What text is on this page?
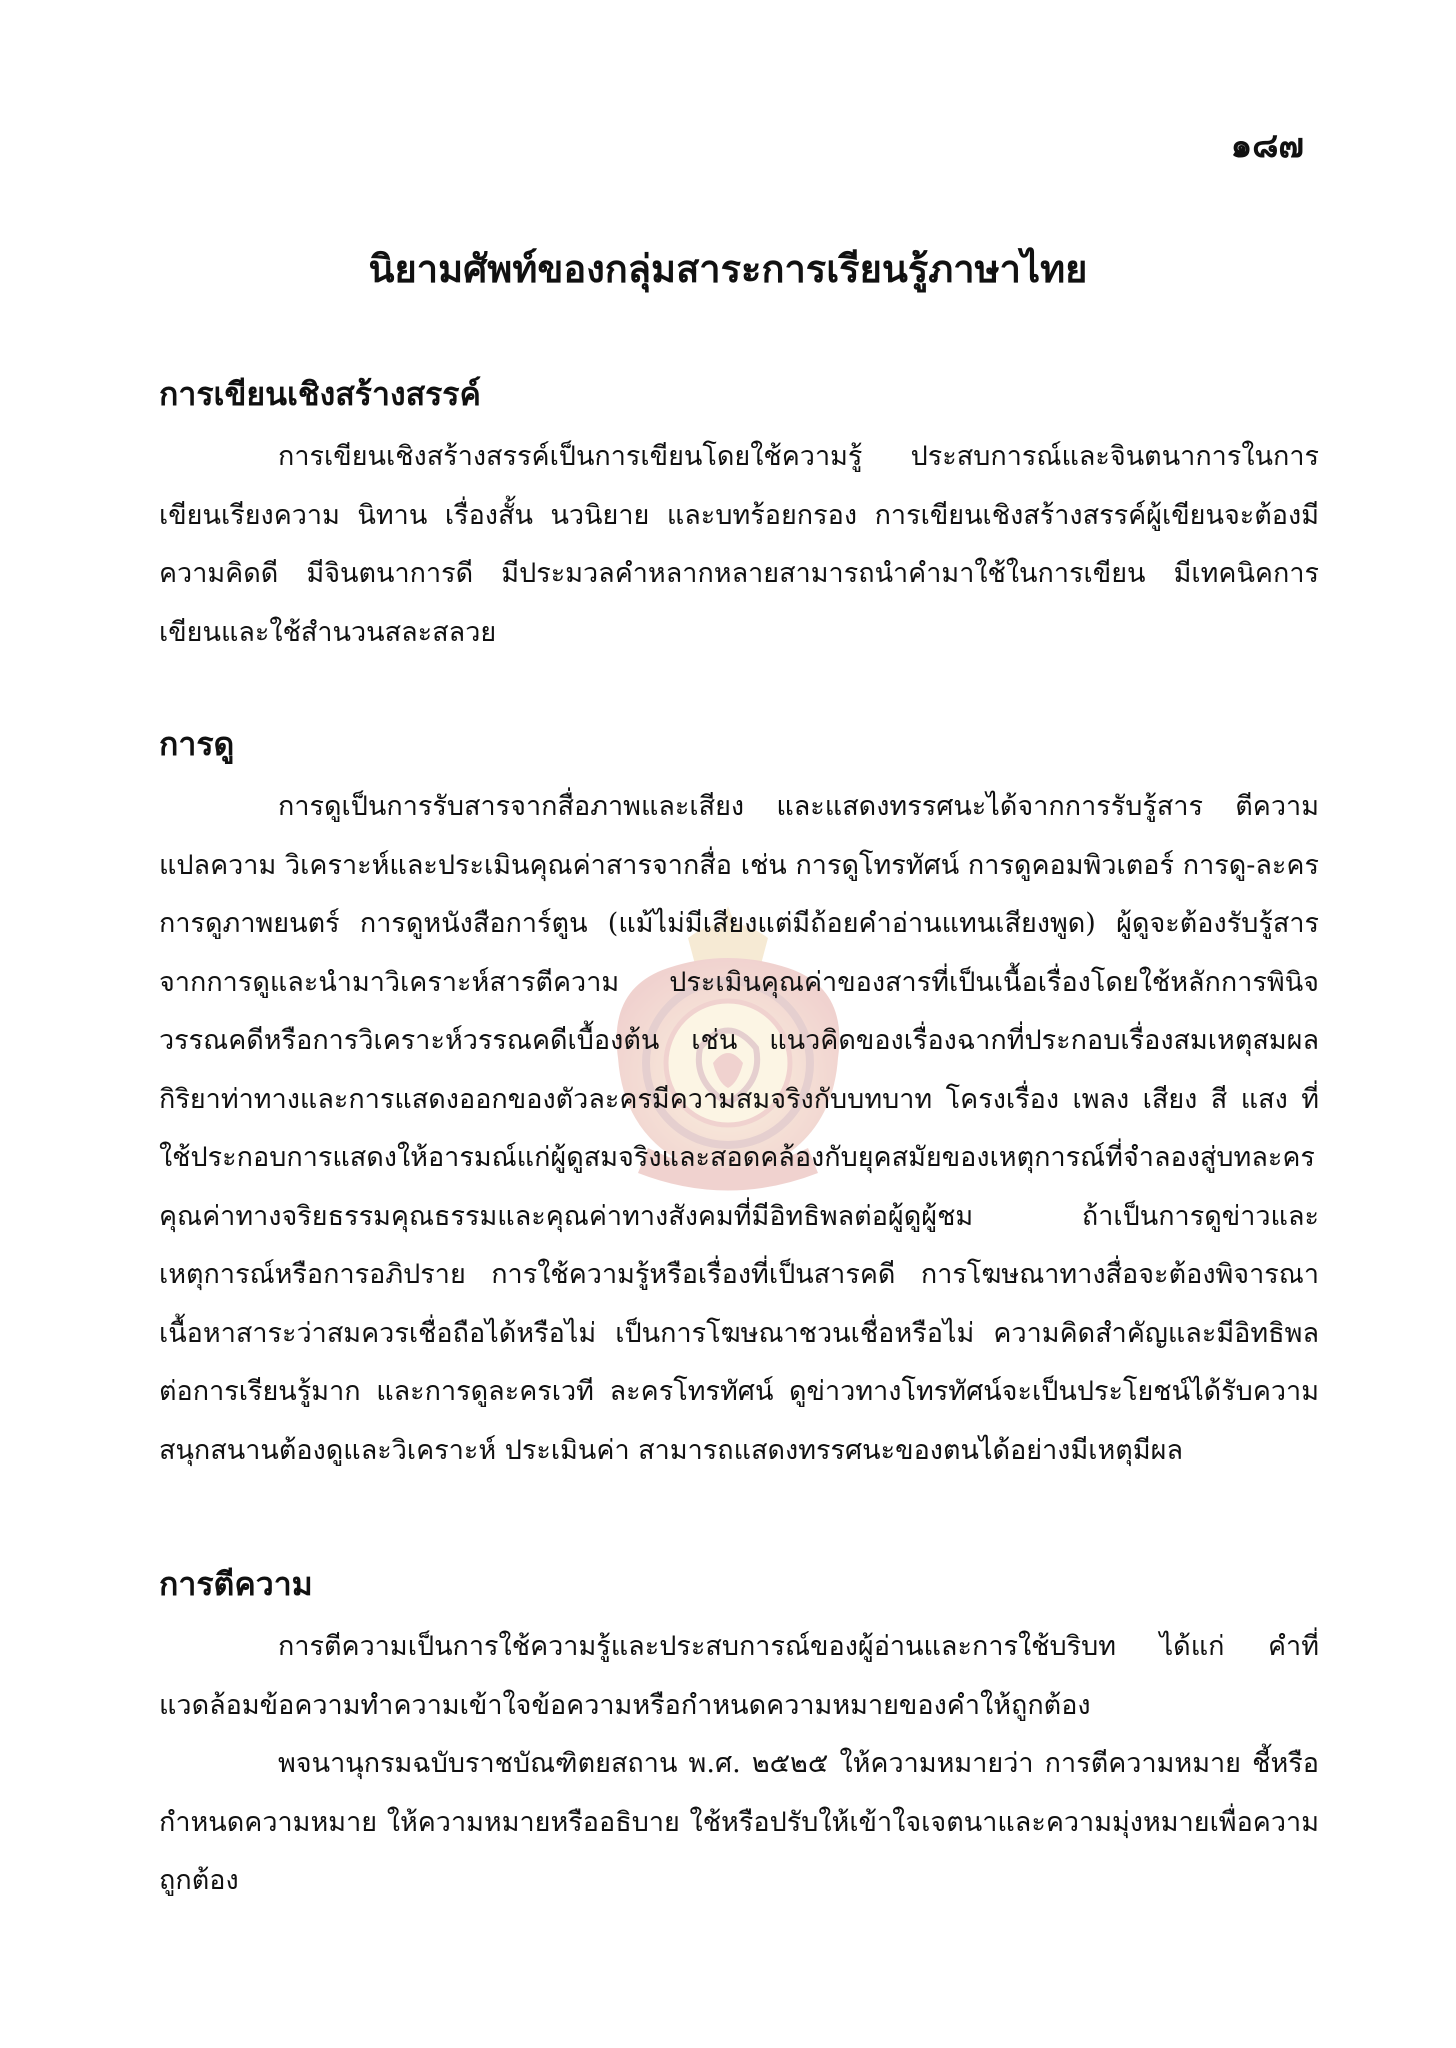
๑๘๗

นิยามศัพท์ของกลุ่มสาระการเรียนรู้ภาษาไทย
การเขียนเชิงสร้างสรรค์

การเขียนเชิงสร้างสรรค์เป็นการเขียนโดยใช้ความรู้ ประสบการณ์และจินตนาการในการเขียนเรียงความ นิทาน เรื่องสั้น นวนิยาย และบทร้อยกรอง การเขียนเชิงสร้างสรรค์ผู้เขียนจะต้องมีความคิดดี มีจินตนาการดี มีประมวลคำหลากหลายสามารถนำคำมาใช้ในการเขียน มีเทคนิคการเขียนและใช้สำนวนสละสลวย

การดู

การดูเป็นการรับสารจากสื่อภาพและเสียง และแสดงทรรศนะได้จากการรับรู้สาร ตีความ แปลความ วิเคราะห์และประเมินคุณค่าสารจากสื่อ เช่น การดูโทรทัศน์ การดูคอมพิวเตอร์ การดู-ละคร การดูภาพยนตร์ การดูหนังสือการ์ตูน (แม้ไม่มีเสียงแต่มีถ้อยคำอ่านแทนเสียงพูด) ผู้ดูจะต้องรับรู้สารจากการดูและนำมาวิเคราะห์สารตีความ ประเมินคุณค่าของสารที่เป็นเนื้อเรื่องโดยใช้หลักการพินิจวรรณคดีหรือการวิเคราะห์วรรณคดีเบื้องต้น เช่น แนวคิดของเรื่องฉากที่ประกอบเรื่องสมเหตุสมผล กิริยาท่าทางและการแสดงออกของตัวละครมีความสมจริงกับบทบาท โครงเรื่อง เพลง เสียง สี แสง ที่ใช้ประกอบการแสดงให้อารมณ์แก่ผู้ดูสมจริงและสอดคล้องกับยุคสมัยของเหตุการณ์ที่จำลองสู่บทละคร คุณค่าทางจริยธรรมคุณธรรมและคุณค่าทางสังคมที่มีอิทธิพลต่อผู้ดูผู้ชม ถ้าเป็นการดูข่าวและเหตุการณ์หรือการอภิปราย การใช้ความรู้หรือเรื่องที่เป็นสารคดี การโฆษณาทางสื่อจะต้องพิจารณาเนื้อหาสาระว่าสมควรเชื่อถือได้หรือไม่ เป็นการโฆษณาชวนเชื่อหรือไม่ ความคิดสำคัญและมีอิทธิพลต่อการเรียนรู้มาก และการดูละครเวที ละครโทรทัศน์ ดูข่าวทางโทรทัศน์จะเป็นประโยชน์ได้รับความสนุกสนานต้องดูและวิเคราะห์ ประเมินค่า สามารถแสดงทรรศนะของตนได้อย่างมีเหตุมีผล

การตีความ

การตีความเป็นการใช้ความรู้และประสบการณ์ของผู้อ่านและการใช้บริบท ได้แก่ คำที่แวดล้อมข้อความทำความเข้าใจข้อความหรือกำหนดความหมายของคำให้ถูกต้อง

พจนานุกรมฉบับราชบัณฑิตยสถาน พ.ศ. ๒๕๒๕ ให้ความหมายว่า การตีความหมาย ชี้หรือกำหนดความหมาย ให้ความหมายหรืออธิบาย ใช้หรือปรับให้เข้าใจเจตนาและความมุ่งหมายเพื่อความถูกต้อง
